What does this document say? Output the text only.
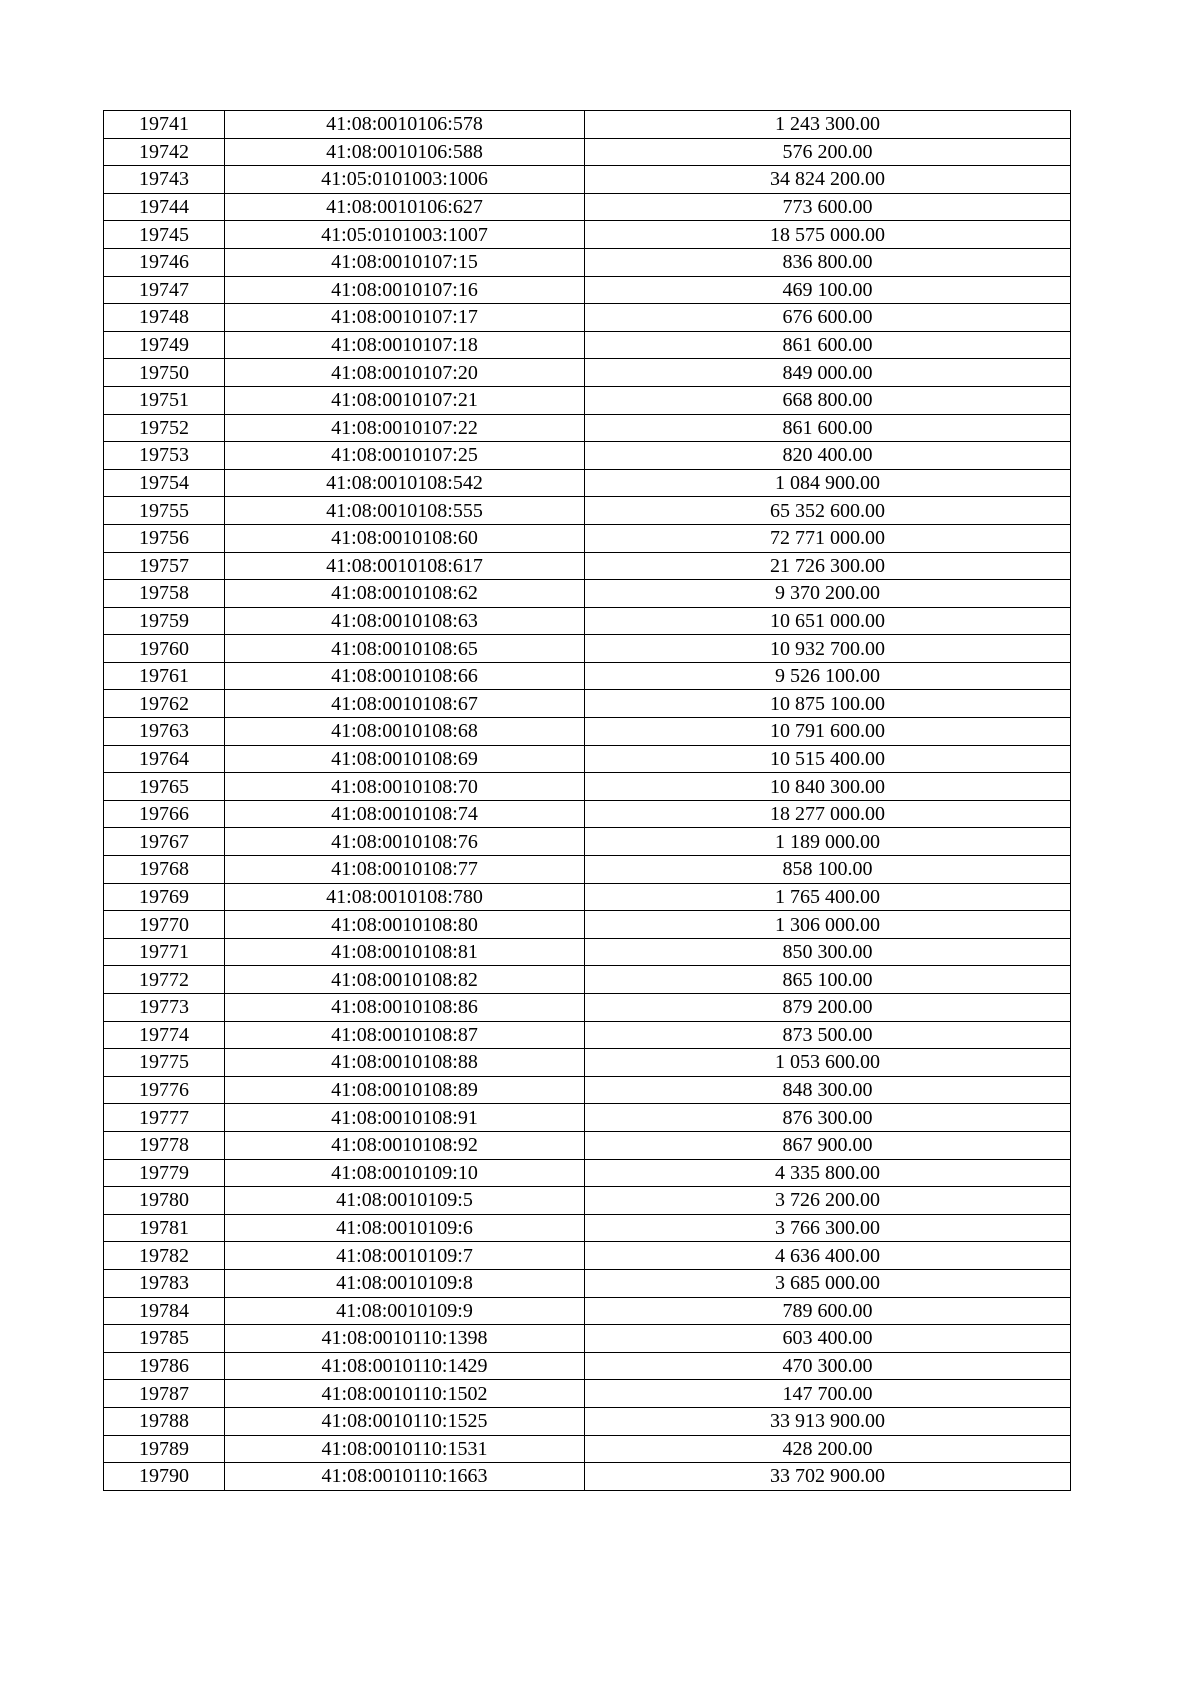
19741	41:08:0010106:578	1 243 300.00
19742	41:08:0010106:588	576 200.00
19743	41:05:0101003:1006	34 824 200.00
19744	41:08:0010106:627	773 600.00
19745	41:05:0101003:1007	18 575 000.00
19746	41:08:0010107:15	836 800.00
19747	41:08:0010107:16	469 100.00
19748	41:08:0010107:17	676 600.00
19749	41:08:0010107:18	861 600.00
19750	41:08:0010107:20	849 000.00
19751	41:08:0010107:21	668 800.00
19752	41:08:0010107:22	861 600.00
19753	41:08:0010107:25	820 400.00
19754	41:08:0010108:542	1 084 900.00
19755	41:08:0010108:555	65 352 600.00
19756	41:08:0010108:60	72 771 000.00
19757	41:08:0010108:617	21 726 300.00
19758	41:08:0010108:62	9 370 200.00
19759	41:08:0010108:63	10 651 000.00
19760	41:08:0010108:65	10 932 700.00
19761	41:08:0010108:66	9 526 100.00
19762	41:08:0010108:67	10 875 100.00
19763	41:08:0010108:68	10 791 600.00
19764	41:08:0010108:69	10 515 400.00
19765	41:08:0010108:70	10 840 300.00
19766	41:08:0010108:74	18 277 000.00
19767	41:08:0010108:76	1 189 000.00
19768	41:08:0010108:77	858 100.00
19769	41:08:0010108:780	1 765 400.00
19770	41:08:0010108:80	1 306 000.00
19771	41:08:0010108:81	850 300.00
19772	41:08:0010108:82	865 100.00
19773	41:08:0010108:86	879 200.00
19774	41:08:0010108:87	873 500.00
19775	41:08:0010108:88	1 053 600.00
19776	41:08:0010108:89	848 300.00
19777	41:08:0010108:91	876 300.00
19778	41:08:0010108:92	867 900.00
19779	41:08:0010109:10	4 335 800.00
19780	41:08:0010109:5	3 726 200.00
19781	41:08:0010109:6	3 766 300.00
19782	41:08:0010109:7	4 636 400.00
19783	41:08:0010109:8	3 685 000.00
19784	41:08:0010109:9	789 600.00
19785	41:08:0010110:1398	603 400.00
19786	41:08:0010110:1429	470 300.00
19787	41:08:0010110:1502	147 700.00
19788	41:08:0010110:1525	33 913 900.00
19789	41:08:0010110:1531	428 200.00
19790	41:08:0010110:1663	33 702 900.00
